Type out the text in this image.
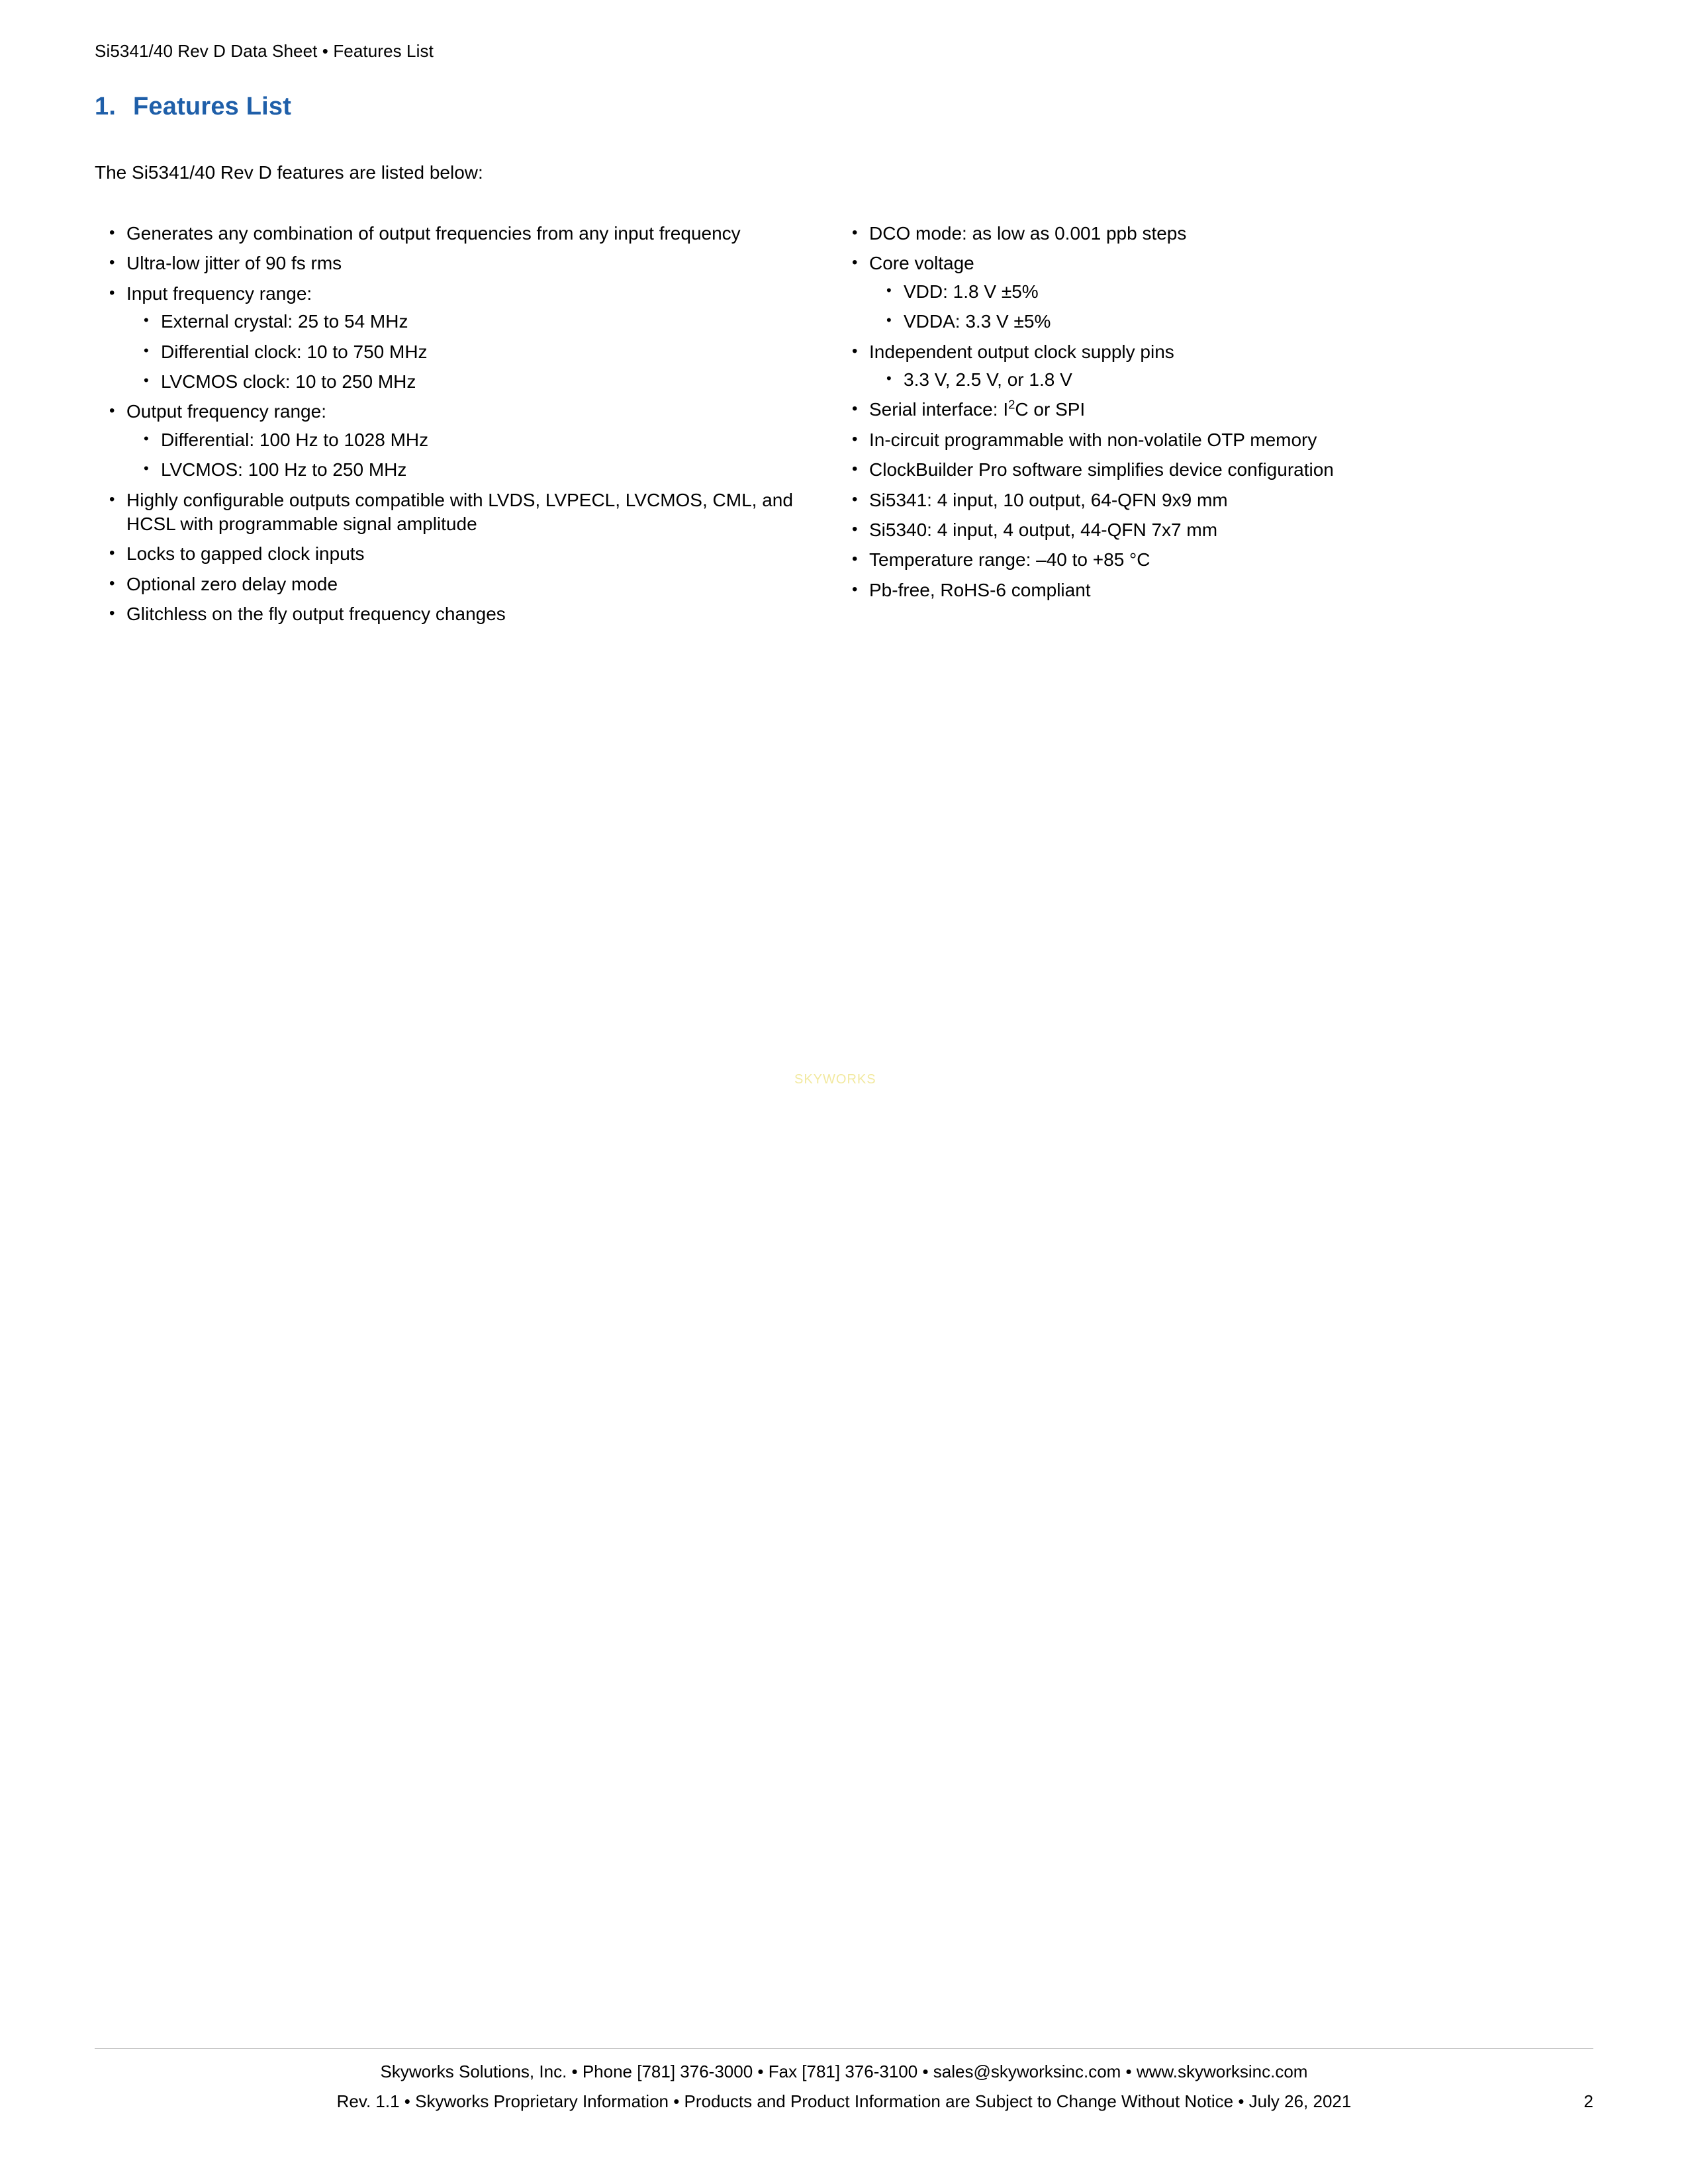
Si5341/40 Rev D Data Sheet • Features List
1. Features List
The Si5341/40 Rev D features are listed below:
• Generates any combination of output frequencies from any input frequency
• Ultra-low jitter of 90 fs rms
• Input frequency range:
• External crystal: 25 to 54 MHz
• Differential clock: 10 to 750 MHz
• LVCMOS clock: 10 to 250 MHz
• Output frequency range:
• Differential: 100 Hz to 1028 MHz
• LVCMOS: 100 Hz to 250 MHz
• Highly configurable outputs compatible with LVDS, LVPECL, LVCMOS, CML, and HCSL with programmable signal amplitude
• Locks to gapped clock inputs
• Optional zero delay mode
• Glitchless on the fly output frequency changes
• DCO mode: as low as 0.001 ppb steps
• Core voltage
• VDD: 1.8 V ±5%
• VDDA: 3.3 V ±5%
• Independent output clock supply pins
• 3.3 V, 2.5 V, or 1.8 V
• Serial interface: $I^2C$ or SPI
• In-circuit programmable with non-volatile OTP memory
• ClockBuilder Pro software simplifies device configuration
• Si5341: 4 input, 10 output, 64-QFN 9x9 mm
• Si5340: 4 input, 4 output, 44-QFN 7x7 mm
• Temperature range: –40 to +85 °C
• Pb-free, RoHS-6 compliant
SKYWORKS
Skyworks Solutions, Inc. • Phone [781] 376-3000 • Fax [781] 376-3100 • sales@skyworksinc.com • www.skyworksinc.com
Rev. 1.1 • Skyworks Proprietary Information • Products and Product Information are Subject to Change Without Notice • July 26, 2021	2
